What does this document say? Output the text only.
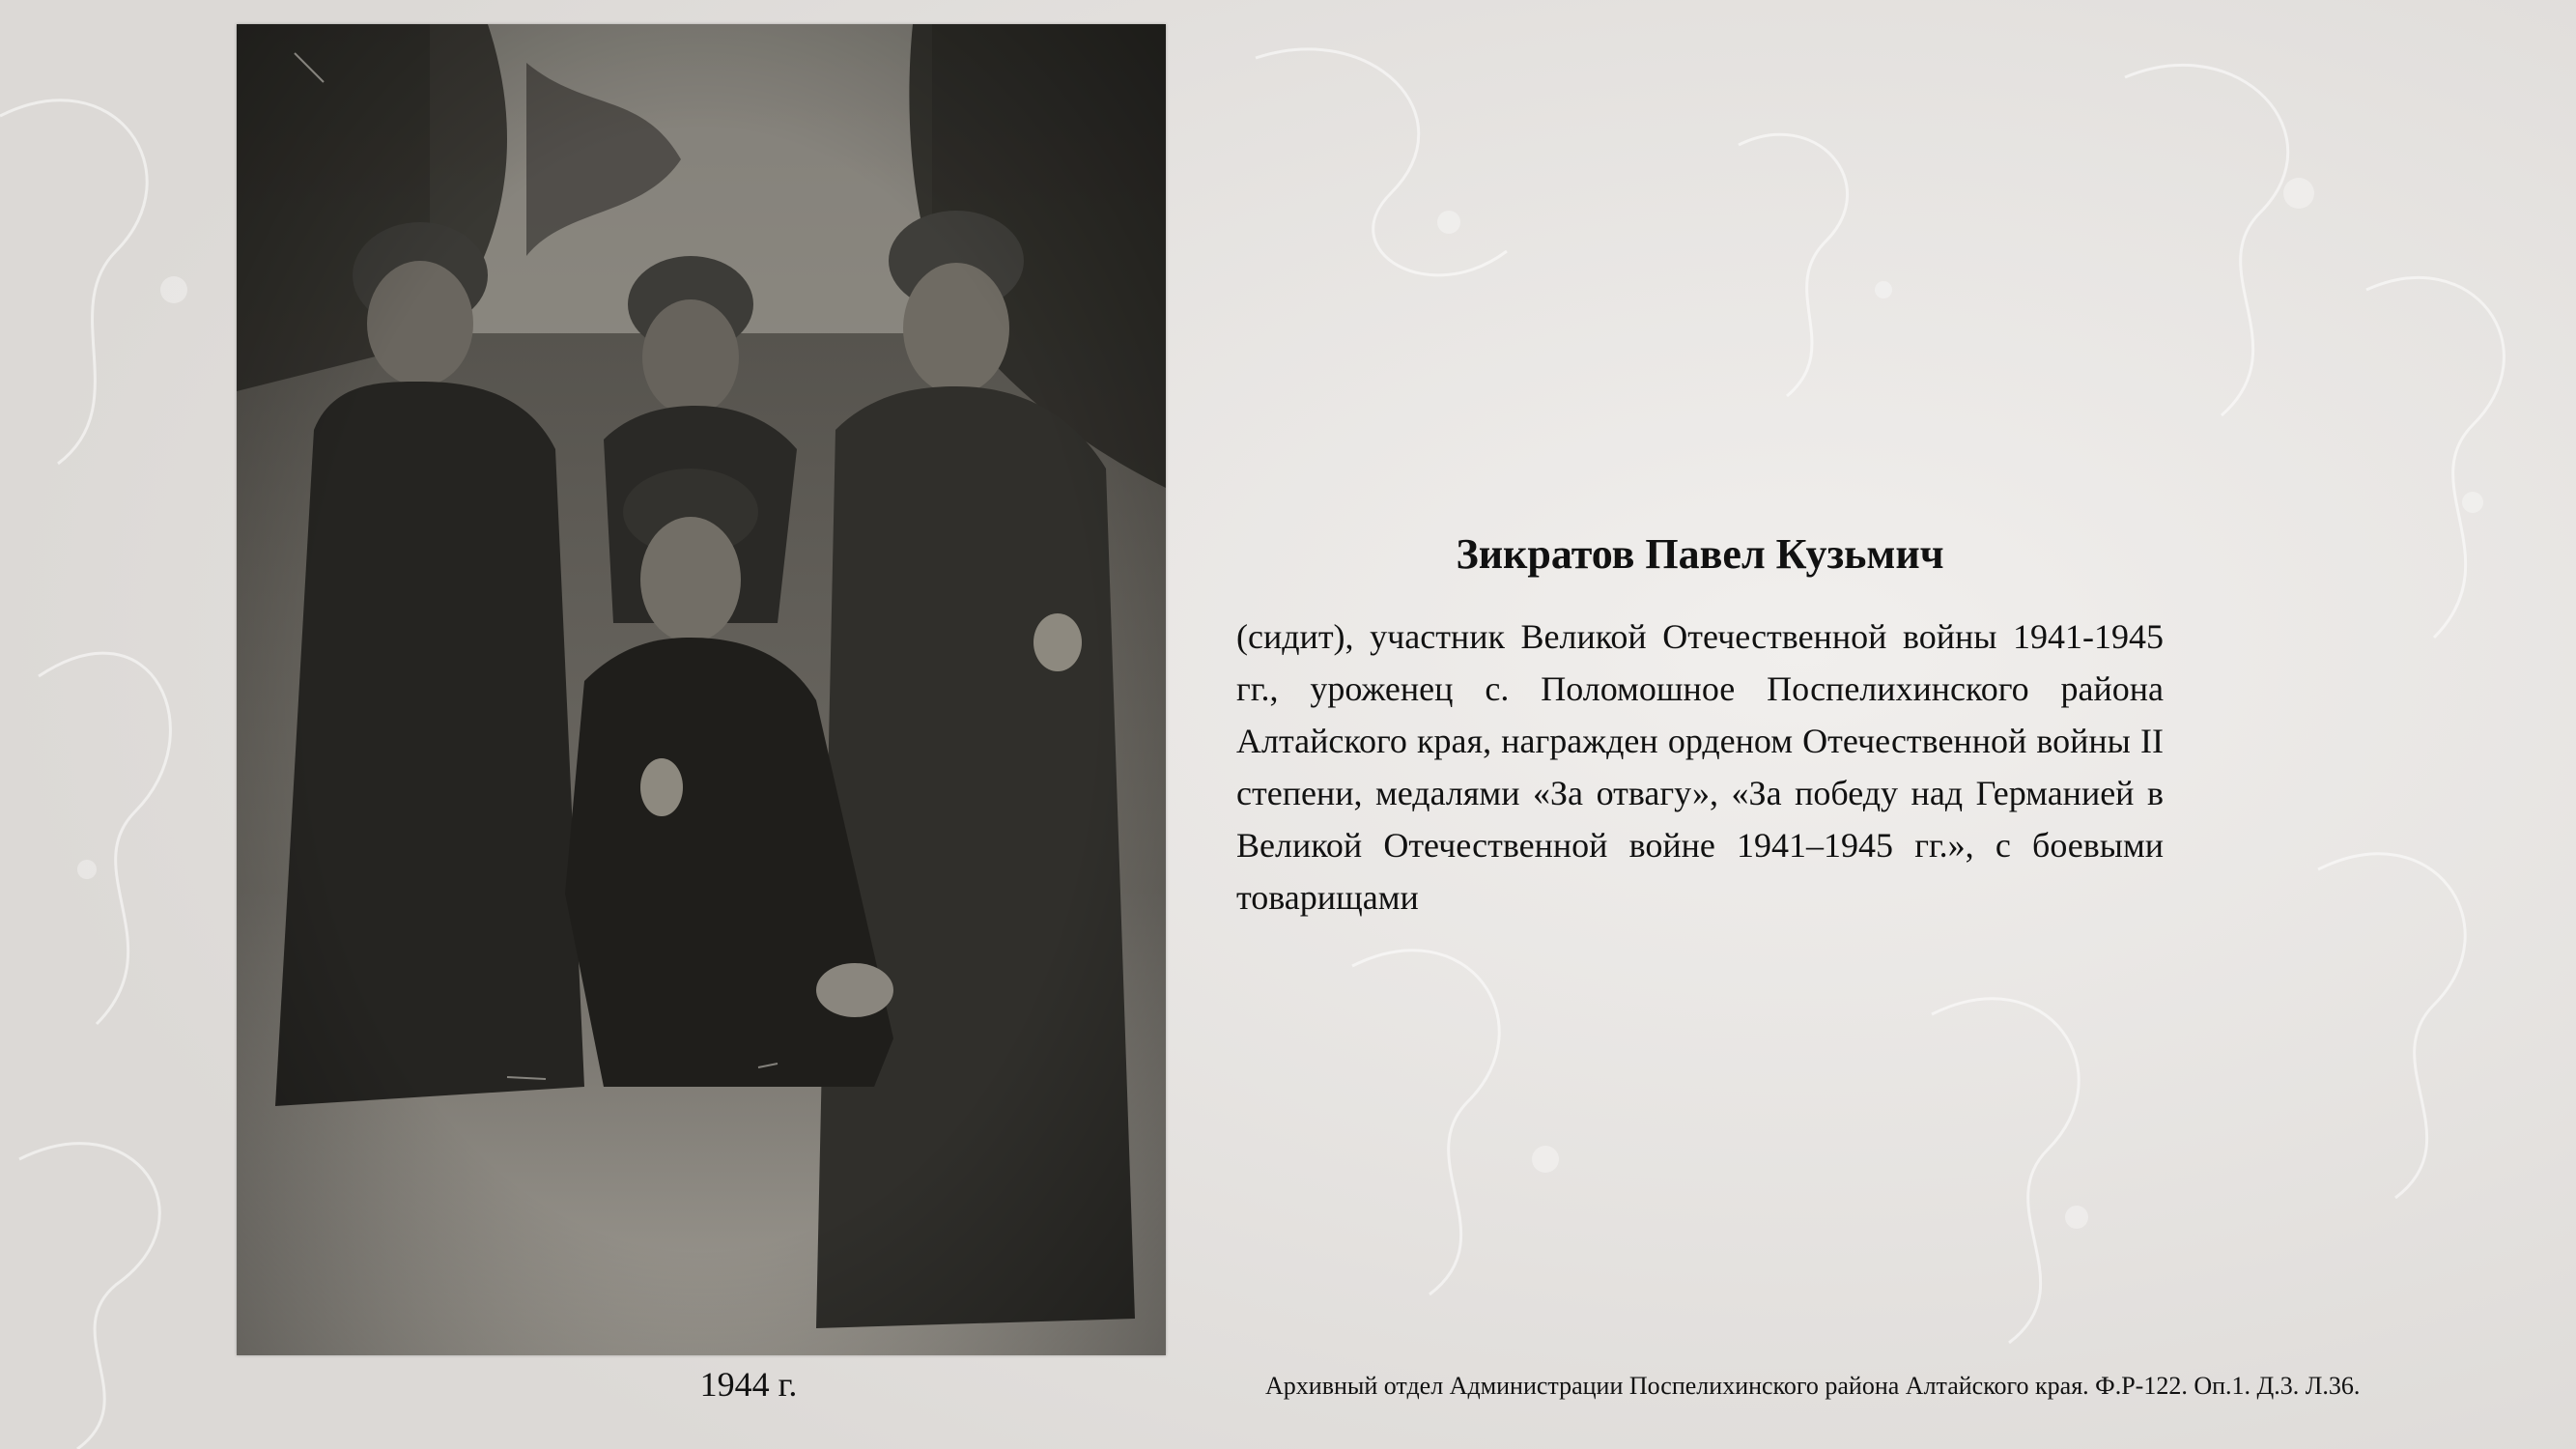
1944 г.
Зикратов Павел Кузьмич
(сидит), участник Великой Отечественной войны 1941-1945 гг., уроженец с. Поломошное Поспелихинского района Алтайского края, награжден орденом Отечественной войны II степени, медалями «За отвагу», «За победу над Германией в Великой Отечественной войне 1941–1945 гг.», с боевыми товарищами
Архивный отдел Администрации Поспелихинского района Алтайского края. Ф.Р-122. Оп.1. Д.3. Л.36.
